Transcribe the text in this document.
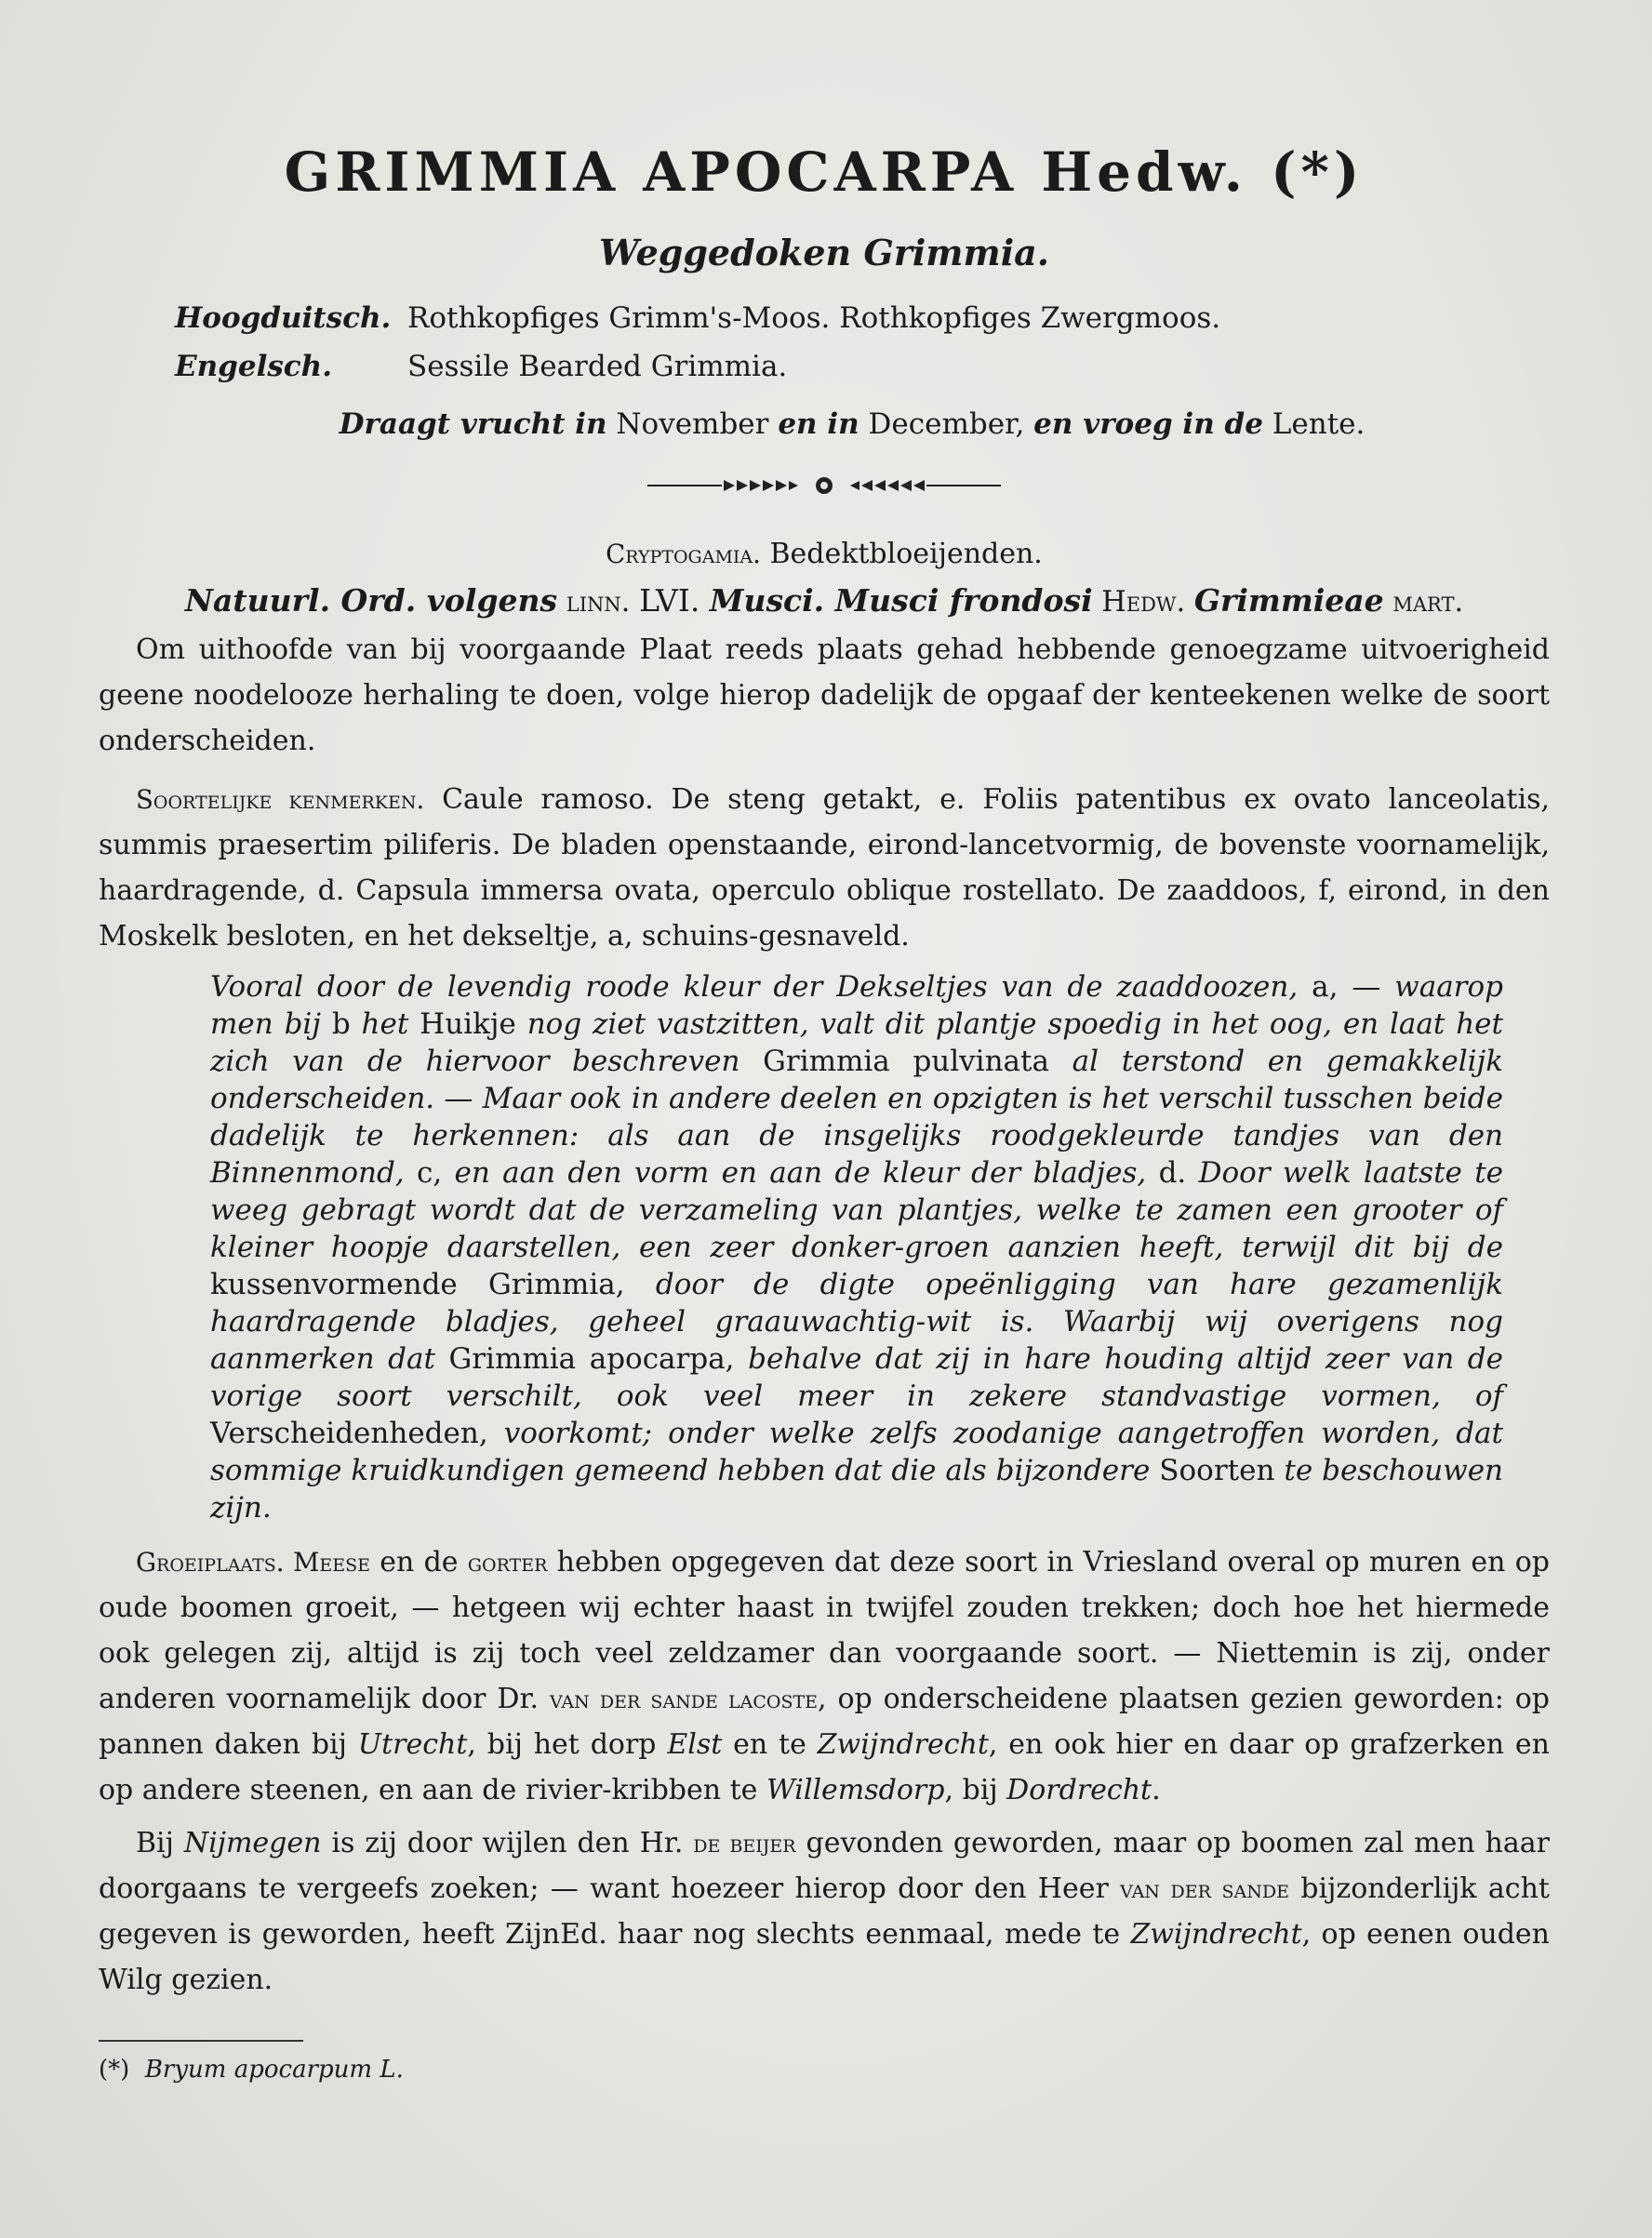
GRIMMIA APOCARPA Hedw. (*)
Weggedoken Grimmia.
Hoogduitsch. Rothkopfiges Grimm's-Moos. Rothkopfiges Zwergmoos.
Engelsch.	Sessile Bearded Grimmia.
Draagt vrucht in November en in December, en vroeg in de Lente.
Cryptogamia. Bedektbloeijenden.
Natuurl. Ord. volgens linn. LVI. Musci. Musci frondosi Hedw. Grimmieae mart.

Om uithoofde van bij voorgaande Plaat reeds plaats gehad hebbende genoegzame uitvoerigheid geene noodelooze herhaling te doen, volge hierop dadelijk de opgaaf der kenteekenen welke de soort onderscheiden.

Soortelijke kenmerken. Caule ramoso. De steng getakt, e. Foliis patentibus ex ovato lanceolatis, summis praesertim piliferis. De bladen openstaande, eirond-lancetvormig, de bovenste voornamelijk, haardragende, d. Capsula immersa ovata, operculo oblique rostellato. De zaaddoos, f, eirond, in den Moskelk besloten, en het dekseltje, a, schuins-gesnaveld.

Vooral door de levendig roode kleur der Dekseltjes van de zaaddoozen, a, — waarop men bij b het Huikje nog ziet vastzitten, valt dit plantje spoedig in het oog, en laat het zich van de hiervoor beschreven Grimmia pulvinata al terstond en gemakkelijk onderscheiden. — Maar ook in andere deelen en opzigten is het verschil tusschen beide dadelijk te herkennen: als aan de insgelijks roodgekleurde tandjes van den Binnenmond, c, en aan den vorm en aan de kleur der bladjes, d. Door welk laatste te weeg gebragt wordt dat de verzameling van plantjes, welke te zamen een grooter of kleiner hoopje daarstellen, een zeer donker-groen aanzien heeft, terwijl dit bij de kussenvormende Grimmia, door de digte opeënligging van hare gezamenlijk haardragende bladjes, geheel graauwachtig-wit is. Waarbij wij overigens nog aanmerken dat Grimmia apocarpa, behalve dat zij in hare houding altijd zeer van de vorige soort verschilt, ook veel meer in zekere standvastige vormen, of Verscheidenheden, voorkomt; onder welke zelfs zoodanige aangetroffen worden, dat sommige kruidkundigen gemeend hebben dat die als bijzondere Soorten te beschouwen zijn.

Groeiplaats. Meese en de gorter hebben opgegeven dat deze soort in Vriesland overal op muren en op oude boomen groeit, — hetgeen wij echter haast in twijfel zouden trekken; doch hoe het hiermede ook gelegen zij, altijd is zij toch veel zeldzamer dan voorgaande soort. — Niettemin is zij, onder anderen voornamelijk door Dr. van der sande lacoste, op onderscheidene plaatsen gezien geworden: op pannen daken bij Utrecht, bij het dorp Elst en te Zwijndrecht, en ook hier en daar op grafzerken en op andere steenen, en aan de rivier-kribben te Willemsdorp, bij Dordrecht.

Bij Nijmegen is zij door wijlen den Hr. de beijer gevonden geworden, maar op boomen zal men haar doorgaans te vergeefs zoeken; — want hoezeer hierop door den Heer van der sande bijzonderlijk acht gegeven is geworden, heeft ZijnEd. haar nog slechts eenmaal, mede te Zwijndrecht, op eenen ouden Wilg gezien.

(*) Bryum apocarpum L.
